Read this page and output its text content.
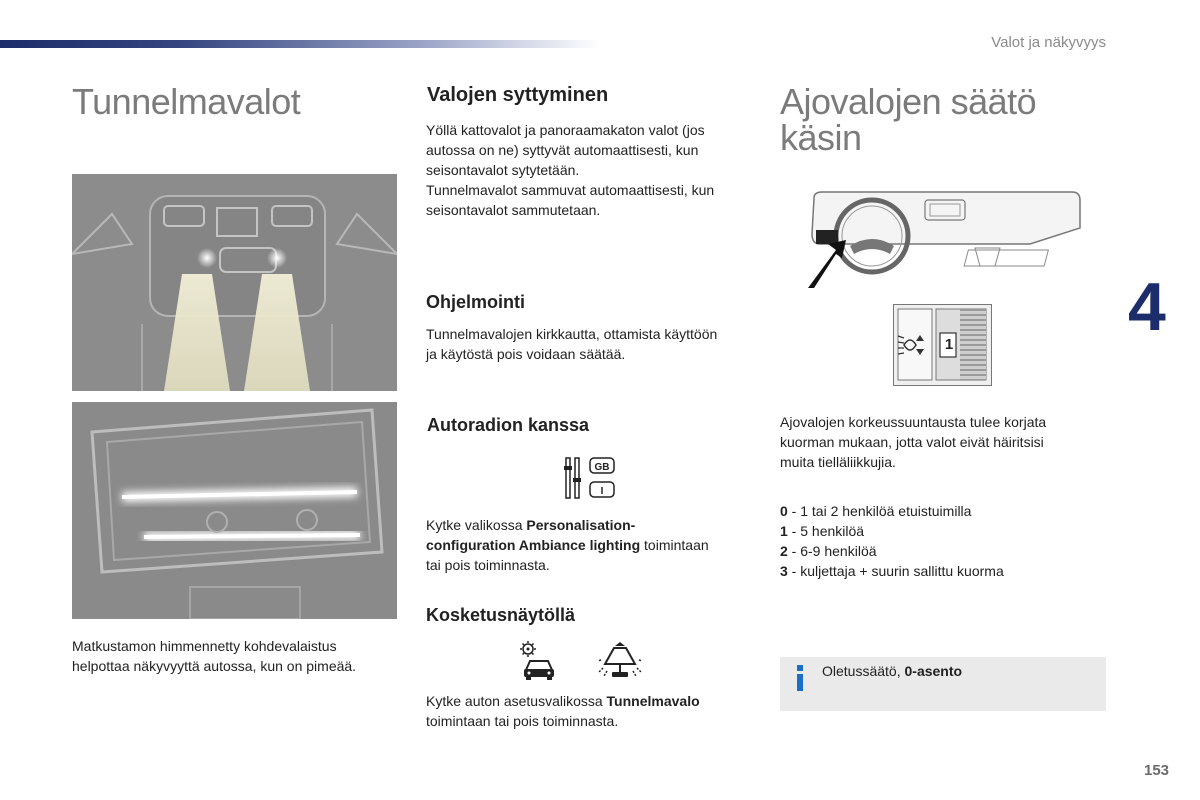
Valot ja näkyvyys
Tunnelmavalot
Matkustamon himmennetty kohdevalaistus
helpottaa näkyvyyttä autossa, kun on pimeää.
Valojen syttyminen
Yöllä kattovalot ja panoraamakaton valot (jos
autossa on ne) syttyvät automaattisesti, kun
seisontavalot sytytetään.
Tunnelmavalot sammuvat automaattisesti, kun
seisontavalot sammutetaan.
Ohjelmointi
Tunnelmavalojen kirkkautta, ottamista käyttöön
ja käytöstä pois voidaan säätää.
Autoradion kanssa
GB
I
Kytke valikossa Personalisation-
configuration Ambiance lighting toimintaan
tai pois toiminnasta.
Kosketusnäytöllä
Kytke auton asetusvalikossa Tunnelmavalo
toimintaan tai pois toiminnasta.
Ajovalojen säätö
käsin
1
Ajovalojen korkeussuuntausta tulee korjata
kuorman mukaan, jotta valot eivät häiritsisi
muita tielläliikkujia.
0 - 1 tai 2 henkilöä etuistuimilla
1 - 5 henkilöä
2 - 6-9 henkilöä
3 - kuljettaja + suurin sallittu kuorma
Oletussäätö, 0-asento
4
153
